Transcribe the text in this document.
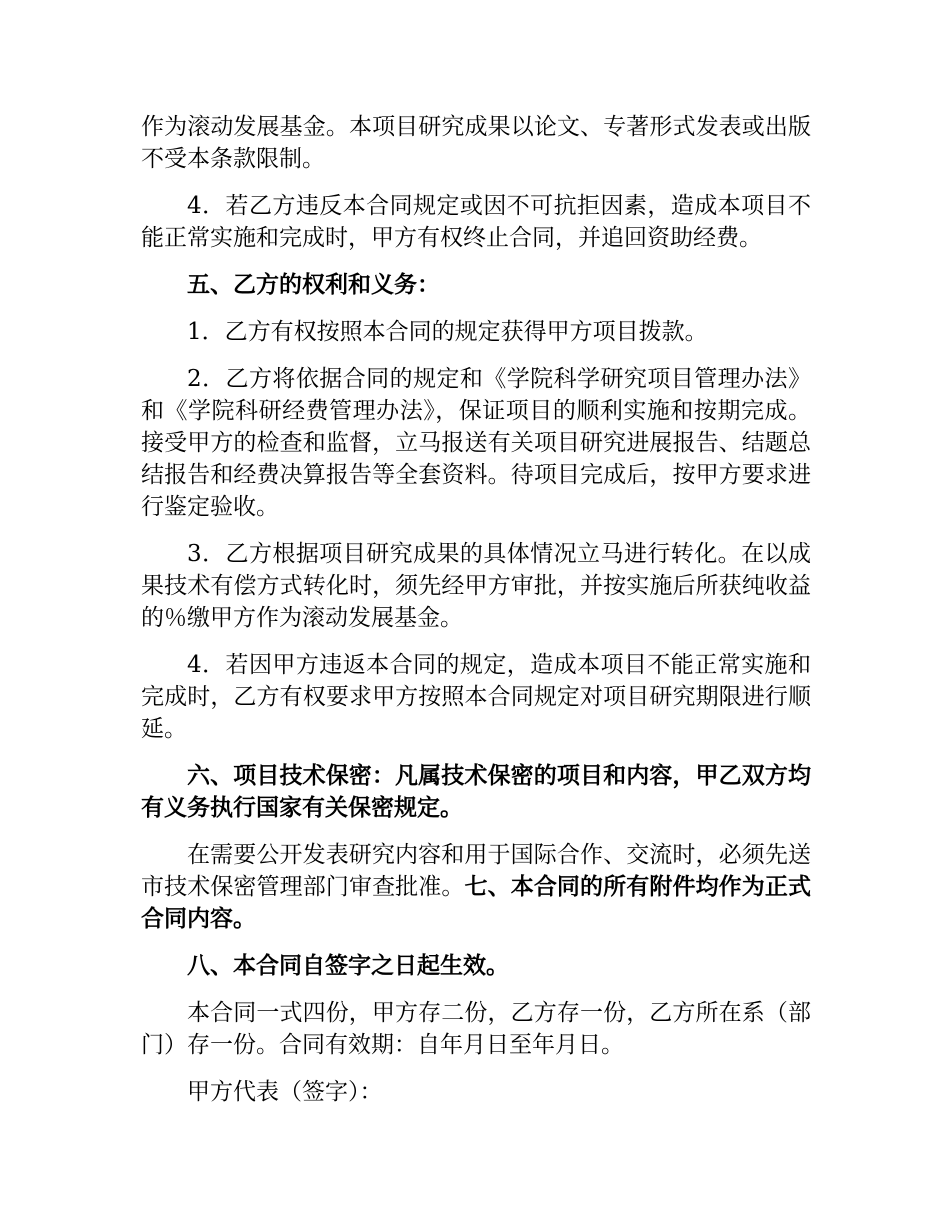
作为滚动发展基金。本项目研究成果以论文、专著形式发表或出版不受本条款限制。

4．若乙方违反本合同规定或因不可抗拒因素，造成本项目不能正常实施和完成时，甲方有权终止合同，并追回资助经费。

五、乙方的权利和义务：

1．乙方有权按照本合同的规定获得甲方项目拨款。

2．乙方将依据合同的规定和《学院科学研究项目管理办法》和《学院科研经费管理办法》，保证项目的顺利实施和按期完成。接受甲方的检查和监督，立马报送有关项目研究进展报告、结题总结报告和经费决算报告等全套资料。待项目完成后，按甲方要求进行鉴定验收。

3．乙方根据项目研究成果的具体情况立马进行转化。在以成果技术有偿方式转化时，须先经甲方审批，并按实施后所获纯收益的％缴甲方作为滚动发展基金。

4．若因甲方违返本合同的规定，造成本项目不能正常实施和完成时，乙方有权要求甲方按照本合同规定对项目研究期限进行顺延。

六、项目技术保密：凡属技术保密的项目和内容，甲乙双方均有义务执行国家有关保密规定。

在需要公开发表研究内容和用于国际合作、交流时，必须先送市技术保密管理部门审查批准。七、本合同的所有附件均作为正式合同内容。

八、本合同自签字之日起生效。

本合同一式四份，甲方存二份，乙方存一份，乙方所在系（部门）存一份。合同有效期：自年月日至年月日。

甲方代表（签字）：
